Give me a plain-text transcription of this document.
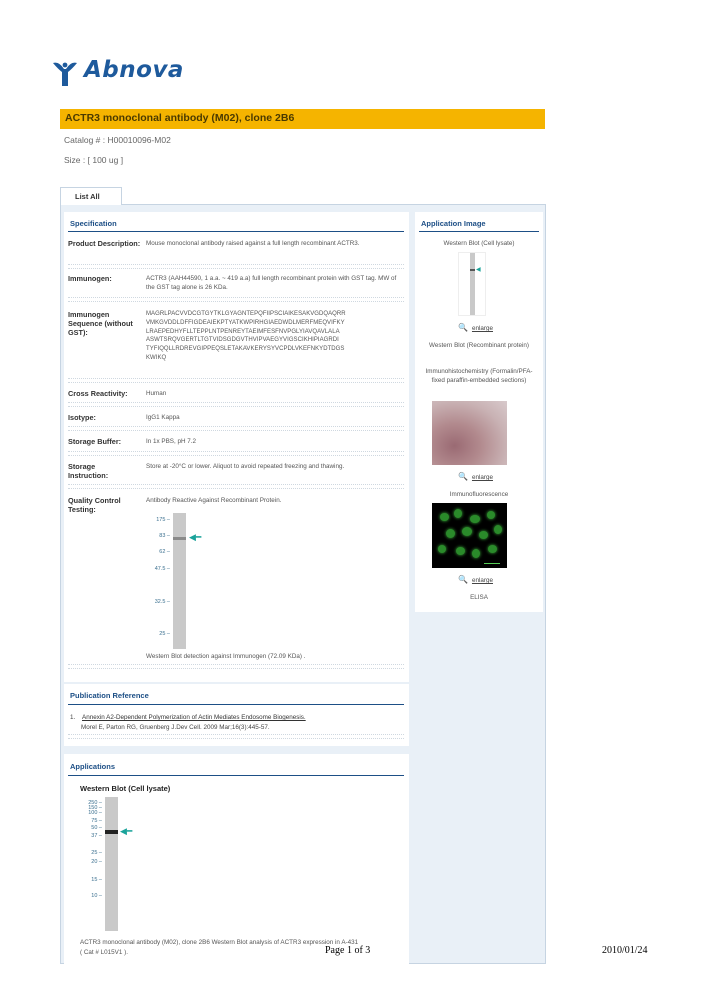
Abnova
ACTR3 monoclonal antibody (M02), clone 2B6
Catalog # : H00010096-M02
Size : [ 100 ug ]
List All
Specification
Product Description: Mouse monoclonal antibody raised against a full length recombinant ACTR3.
Immunogen:	ACTR3 (AAH44590, 1 a.a. ~ 419 a.a) full length recombinant protein with GST tag. MW of the GST tag alone is 26 KDa.
Immunogen Sequence (without GST):
MAGRLPACVVDCGTGYTKLGYAGNTEPQFIIPSCIAIKESAKVGDQAQRR
VMKGVDDLDFFIGDEAIEKPTYATKWPIRHGIAEDWDLMERFMEQVIFKY
LRAEPEDHYFLLTEPPLNTPENREYTAEIMFESFNVPGLYIAVQAVLALA
ASWTSRQVGERTLTGTVIDSGDGVTHVIPVAEGYVIGSCIKHIPIAGRDI
TYFIQQLLRDREVGIPPEQSLETAKAVKERYSYVCPDLVKEFNKYDTDGS
KWIKQ
Cross Reactivity:	Human
Isotype:	IgG1 Kappa
Storage Buffer:	In 1x PBS, pH 7.2
Storage Instruction:
Store at -20°C or lower. Aliquot to avoid repeated freezing and thawing.
Quality Control Testing:
Antibody Reactive Against Recombinant Protein.
175 ‒
83 ‒
62 ‒
47.5 ‒
32.5 ‒
25 ‒
◀━
Western Blot detection against Immunogen (72.09 KDa) .
Application Image
Western Blot (Cell lysate)
◀
🔍 enlarge
Western Blot (Recombinant protein)
Immunohistochemistry (Formalin/PFA-fixed paraffin-embedded sections)
🔍 enlarge
Immunofluorescence
🔍 enlarge
ELISA
Publication Reference
1. Annexin A2-Dependent Polymerization of Actin Mediates Endosome Biogenesis.
Morel E, Parton RG, Gruenberg J.Dev Cell. 2009 Mar;16(3):445-57.
Applications
Western Blot (Cell lysate)
250 ‒
150 ‒
100 ‒
75 ‒
50 ‒
37 ‒
25 ‒
20 ‒
15 ‒
10 ‒
◀━
ACTR3 monoclonal antibody (M02), clone 2B6 Western Blot analysis of ACTR3 expression in A-431
( Cat # L015V1 ).	Page 1 of 3	2010/01/24
